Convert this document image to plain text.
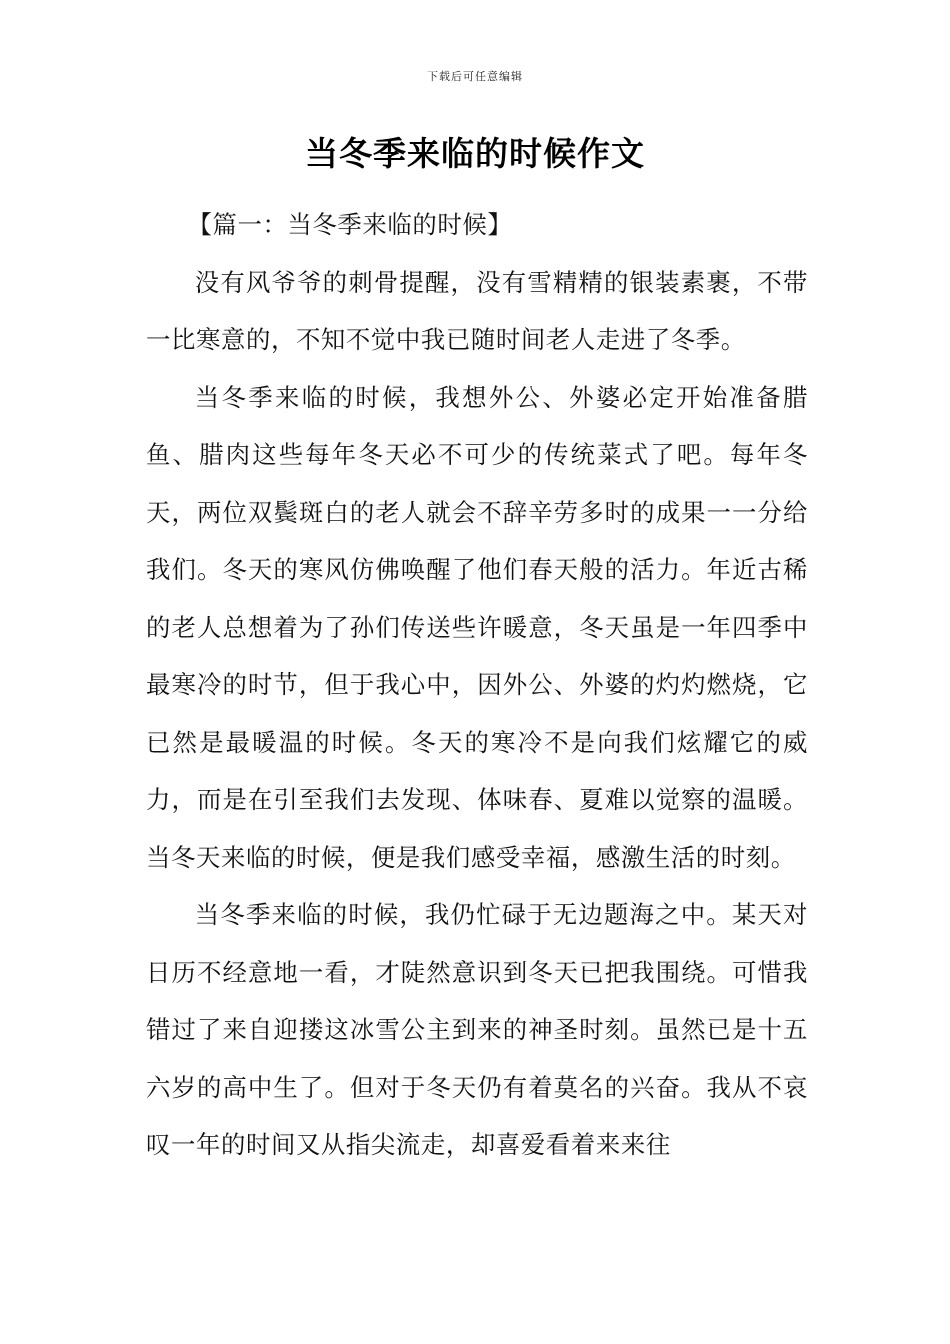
下载后可任意编辑
当冬季来临的时候作文
【篇一：当冬季来临的时候】

没有风爷爷的刺骨提醒，没有雪精精的银装素裹，不带一比寒意的，不知不觉中我已随时间老人走进了冬季。

当冬季来临的时候，我想外公、外婆必定开始准备腊鱼、腊肉这些每年冬天必不可少的传统菜式了吧。每年冬天，两位双鬓斑白的老人就会不辞辛劳多时的成果一一分给我们。冬天的寒风仿佛唤醒了他们春天般的活力。年近古稀的老人总想着为了孙们传送些许暖意，冬天虽是一年四季中最寒冷的时节，但于我心中，因外公、外婆的灼灼燃烧，它已然是最暖温的时候。冬天的寒冷不是向我们炫耀它的威力，而是在引至我们去发现、体味春、夏难以觉察的温暖。当冬天来临的时候，便是我们感受幸福，感激生活的时刻。

当冬季来临的时候，我仍忙碌于无边题海之中。某天对日历不经意地一看，才陡然意识到冬天已把我围绕。可惜我错过了来自迎搂这冰雪公主到来的神圣时刻。虽然已是十五六岁的高中生了。但对于冬天仍有着莫名的兴奋。我从不哀叹一年的时间又从指尖流走，却喜爱看着来来往
